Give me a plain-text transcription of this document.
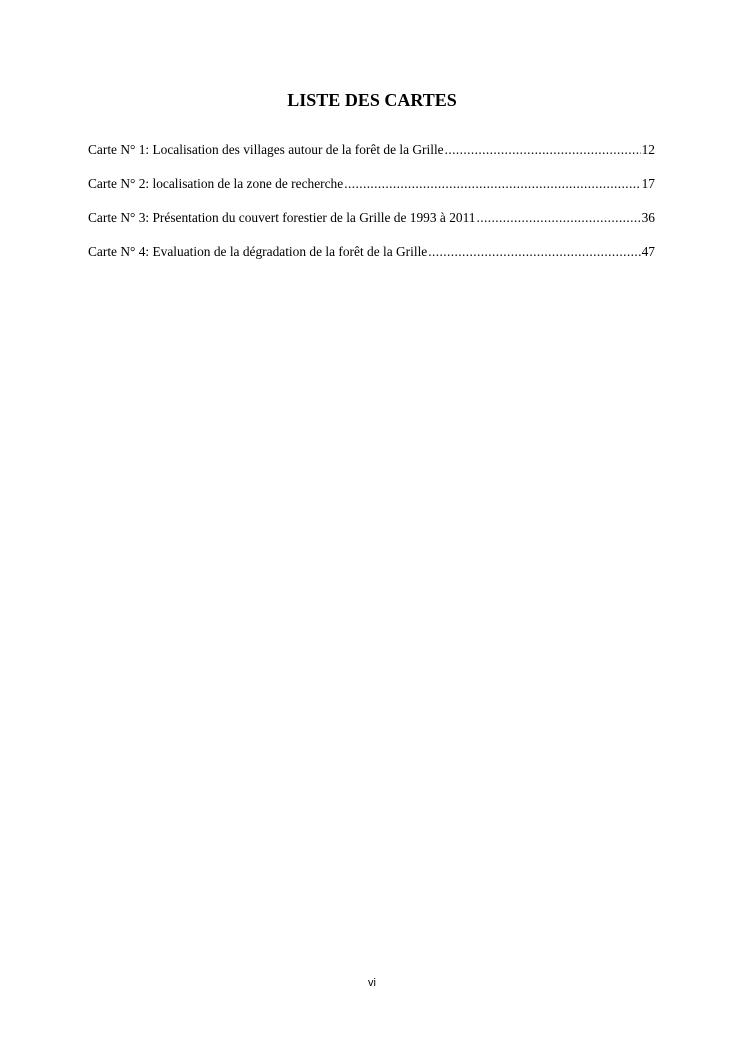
LISTE DES CARTES
Carte N° 1: Localisation des villages autour de la forêt de la Grille .....	12
Carte N° 2: localisation de la zone de recherche .....	17
Carte N° 3: Présentation du couvert forestier de la Grille de 1993 à 2011 .....	36
Carte N° 4: Evaluation de la dégradation de la forêt de la Grille .....	47
vi
